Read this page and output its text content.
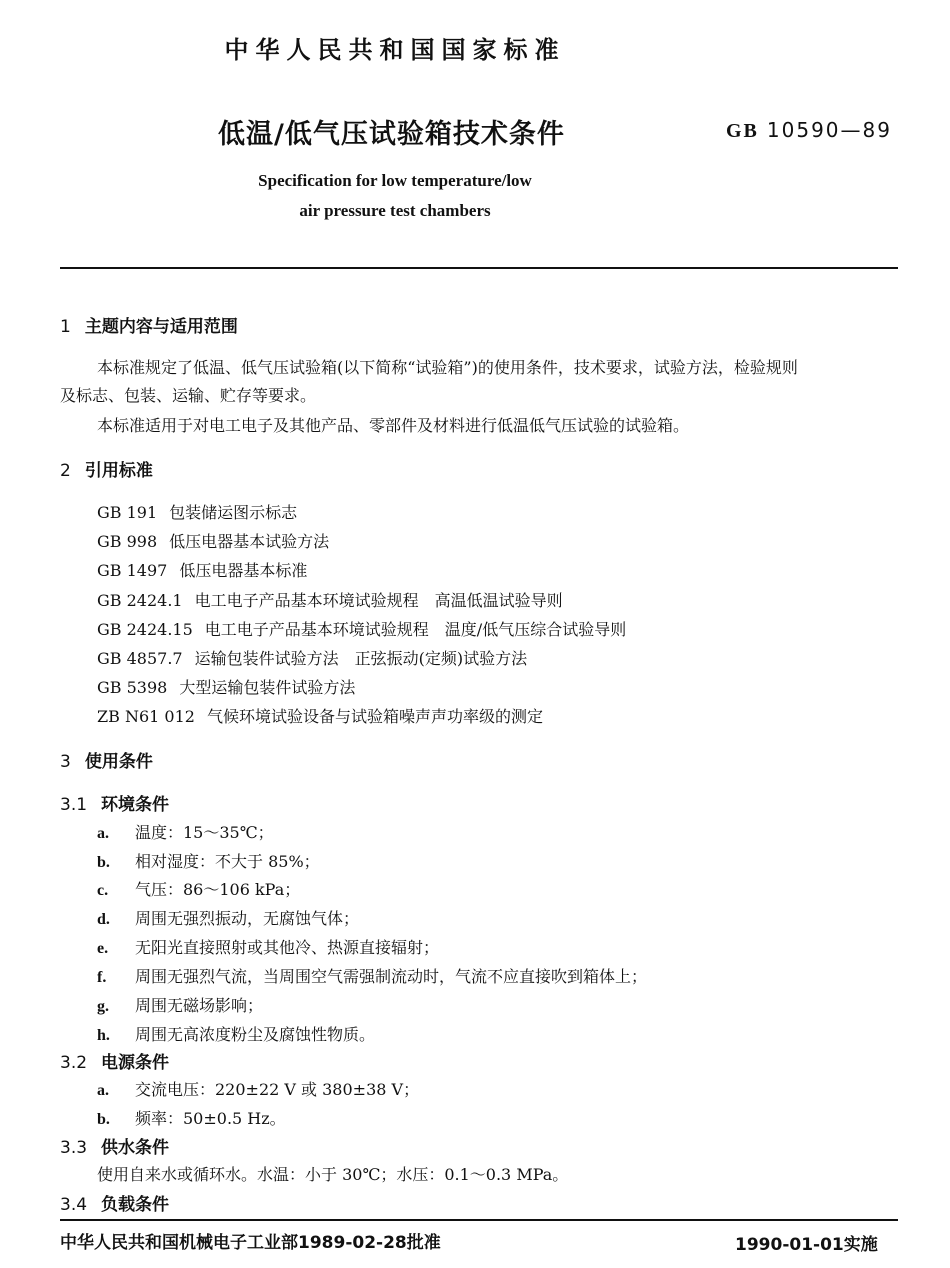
中华人民共和国国家标准
低温/低气压试验箱技术条件	GB 10590—89
Specification for low temperature/low
air pressure test chambers
1 主题内容与适用范围
本标准规定了低温、低气压试验箱(以下简称“试验箱”)的使用条件，技术要求，试验方法，检验规则
及标志、包装、运输、贮存等要求。
本标准适用于对电工电子及其他产品、零部件及材料进行低温低气压试验的试验箱。
2 引用标准
GB 191 包装储运图示标志
GB 998 低压电器基本试验方法
GB 1497 低压电器基本标准
GB 2424.1 电工电子产品基本环境试验规程　高温低温试验导则
GB 2424.15 电工电子产品基本环境试验规程　温度/低气压综合试验导则
GB 4857.7 运输包装件试验方法　正弦振动(定频)试验方法
GB 5398 大型运输包装件试验方法
ZB N61 012 气候环境试验设备与试验箱噪声声功率级的测定
3 使用条件
3.1 环境条件
a. 温度：15～35℃；
b. 相对湿度：不大于 85%；
c. 气压：86～106 kPa；
d. 周围无强烈振动，无腐蚀气体；
e. 无阳光直接照射或其他冷、热源直接辐射；
f. 周围无强烈气流，当周围空气需强制流动时，气流不应直接吹到箱体上；
g. 周围无磁场影响；
h. 周围无高浓度粉尘及腐蚀性物质。
3.2 电源条件
a. 交流电压：220±22 V 或 380±38 V；
b. 频率：50±0.5 Hz。
3.3 供水条件
使用自来水或循环水。水温：小于 30℃；水压：0.1～0.3 MPa。
3.4 负载条件
中华人民共和国机械电子工业部1989-02-28批准	1990-01-01实施
